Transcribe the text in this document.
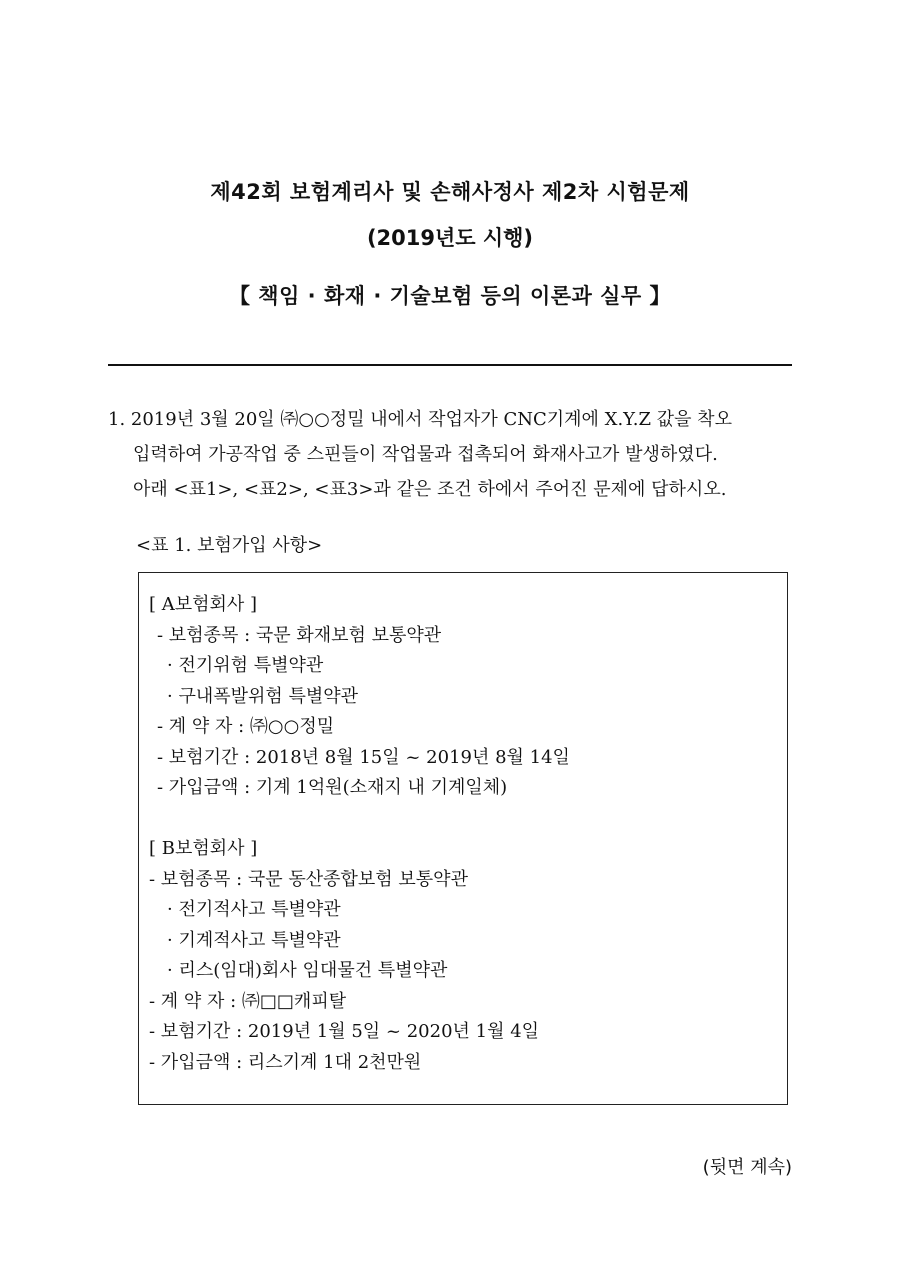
제42회 보험계리사 및 손해사정사 제2차 시험문제
(2019년도 시행)
【 책임 · 화재 · 기술보험 등의 이론과 실무 】
1. 2019년 3월 20일 ㈜○○정밀 내에서 작업자가 CNC기계에 X.Y.Z 값을 착오
입력하여 가공작업 중 스핀들이 작업물과 접촉되어 화재사고가 발생하였다.
아래 <표1>, <표2>, <표3>과 같은 조건 하에서 주어진 문제에 답하시오.
<표 1. 보험가입 사항>
[ A보험회사 ]
- 보험종목 : 국문 화재보험 보통약관
· 전기위험 특별약관
· 구내폭발위험 특별약관
- 계 약 자 : ㈜○○정밀
- 보험기간 : 2018년 8월 15일 ~ 2019년 8월 14일
- 가입금액 : 기계 1억원(소재지 내 기계일체)
[ B보험회사 ]
- 보험종목 : 국문 동산종합보험 보통약관
· 전기적사고 특별약관
· 기계적사고 특별약관
· 리스(임대)회사 임대물건 특별약관
- 계 약 자 : ㈜□□캐피탈
- 보험기간 : 2019년 1월 5일 ~ 2020년 1월 4일
- 가입금액 : 리스기계 1대 2천만원
(뒷면 계속)
